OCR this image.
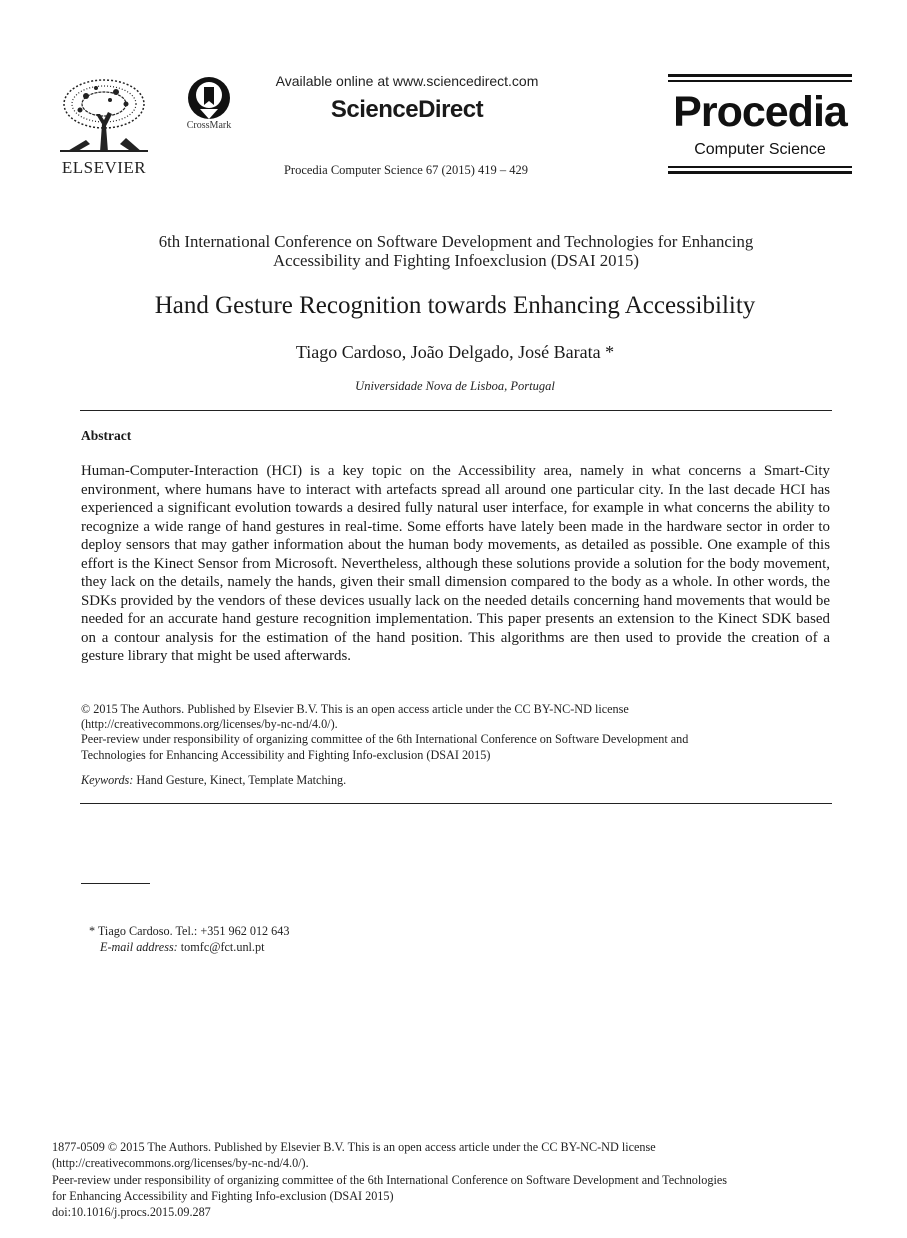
ELSEVIER
CrossMark
Available online at www.sciencedirect.com
ScienceDirect
Procedia Computer Science 67 (2015) 419 – 429
Procedia
Computer Science
6th International Conference on Software Development and Technologies for Enhancing
Accessibility and Fighting Infoexclusion (DSAI 2015)
Hand Gesture Recognition towards Enhancing Accessibility
Tiago Cardoso, João Delgado, José Barata *
Universidade Nova de Lisboa, Portugal
Abstract
Human-Computer-Interaction (HCI) is a key topic on the Accessibility area, namely in what concerns a Smart-City environment, where humans have to interact with artefacts spread all around one particular city. In the last decade HCI has experienced a significant evolution towards a desired fully natural user interface, for example in what concerns the ability to recognize a wide range of hand gestures in real-time. Some efforts have lately been made in the hardware sector in order to deploy sensors that may gather information about the human body movements, as detailed as possible. One example of this effort is the Kinect Sensor from Microsoft. Nevertheless, although these solutions provide a solution for the body movement, they lack on the details, namely the hands, given their small dimension compared to the body as a whole. In other words, the SDKs provided by the vendors of these devices usually lack on the needed details concerning hand movements that would be needed for an accurate hand gesture recognition implementation. This paper presents an extension to the Kinect SDK based on a contour analysis for the estimation of the hand position. This algorithms are then used to provide the creation of a gesture library that might be used afterwards.
© 2015 The Authors. Published by Elsevier B.V. This is an open access article under the CC BY-NC-ND license
(http://creativecommons.org/licenses/by-nc-nd/4.0/).
Peer-review under responsibility of organizing committee of the 6th International Conference on Software Development and
Technologies for Enhancing Accessibility and Fighting Info-exclusion (DSAI 2015)
Keywords: Hand Gesture, Kinect, Template Matching.
* Tiago Cardoso. Tel.: +351 962 012 643
E-mail address: tomfc@fct.unl.pt
1877-0509 © 2015 The Authors. Published by Elsevier B.V. This is an open access article under the CC BY-NC-ND license
(http://creativecommons.org/licenses/by-nc-nd/4.0/).
Peer-review under responsibility of organizing committee of the 6th International Conference on Software Development and Technologies
for Enhancing Accessibility and Fighting Info-exclusion (DSAI 2015)
doi:10.1016/j.procs.2015.09.287
